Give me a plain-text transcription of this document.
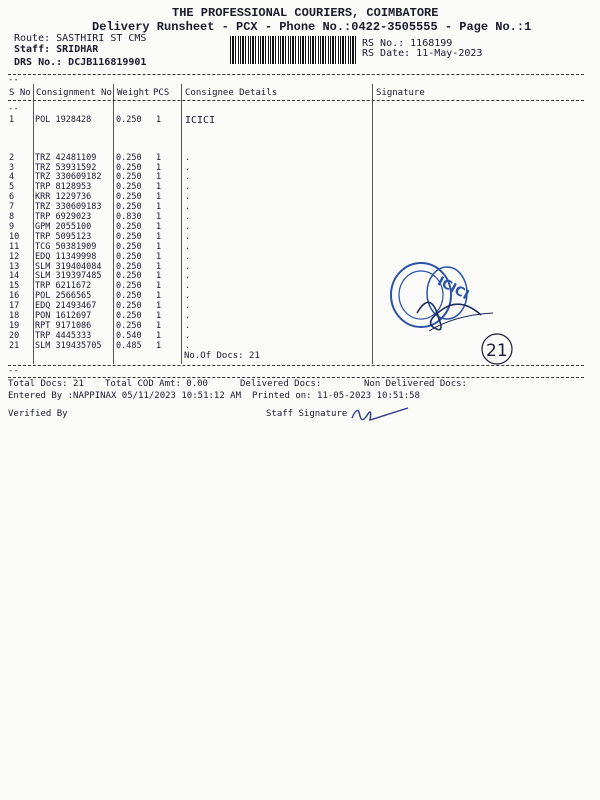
THE PROFESSIONAL COURIERS, COIMBATORE
Delivery Runsheet - PCX - Phone No.:0422-3505555 - Page No.:1
Route: SASTHIRI ST CMS
Staff: SRIDHAR
DRS No.: DCJB116819901
RS No.: 1168199
RS Date: 11-May-2023
--
S No Consignment No Weight PCS Consignee Details	Signature
--
1 POL 1928428	0.250 1 ICICI
2 TRZ 42481109 0.250 1	.
3 TRZ 53931592 0.250 1	.
4 TRZ 330609182 0.250 1	.
5 TRP 8128953	0.250 1	.
6 KRR 1229736	0.250 1	.
7 TRZ 330609183 0.250 1	.
8 TRP 6929023	0.830 1	.
9 GPM 2055100	0.250 1	.
10 TRP 5095123	0.250 1	.
11 TCG 50381909 0.250 1	.
12 EDQ 11349998 0.250 1	.
13 SLM 319404084 0.250 1	.
14 SLM 319397485 0.250 1	.
15 TRP 6211672	0.250 1	.
16 POL 2566565	0.250 1	.
17 EDQ 21493467 0.250 1	.
18 PON 1612697	0.250 1	.
19 RPT 9171086	0.250 1	.
20 TRP 4445333	0.540 1	.
21 SLM 319435705 0.485 1	.
No.Of Docs: 21
ICICI
21
--
Total Docs: 21 Total COD Amt: 0.00	Delivered Docs:	Non Delivered Docs:
Entered By :NAPPINAX 05/11/2023 10:51:12 AM Printed on: 11-05-2023 10:51:58
Verified By	Staff Signature
